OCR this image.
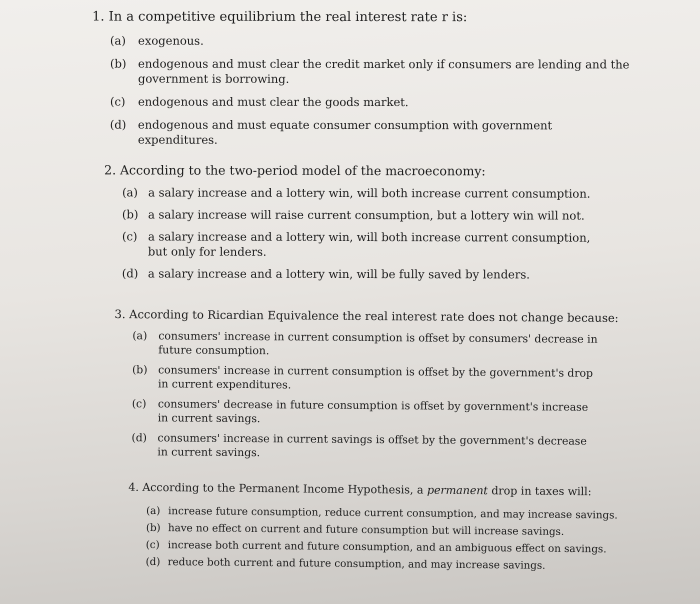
1. In a competitive equilibrium the real interest rate r is:
(a)	exogenous.
(b)	endogenous and must clear the credit market only if consumers are lending and the government is borrowing.
(c)	endogenous and must clear the goods market.
(d)	endogenous and must equate consumer consumption with government expenditures.
2. According to the two-period model of the macroeconomy:
(a) a salary increase and a lottery win, will both increase current consumption.
(b) a salary increase will raise current consumption, but a lottery win will not.
(c) a salary increase and a lottery win, will both increase current consumption, but only for lenders.
(d) a salary increase and a lottery win, will be fully saved by lenders.
3. According to Ricardian Equivalence the real interest rate does not change because:
(a)	consumers' increase in current consumption is offset by consumers' decrease in future consumption.
(b) consumers' increase in current consumption is offset by the government's drop in current expenditures.
(c)	consumers' decrease in future consumption is offset by government's increase in current savings.
(d) consumers' increase in current savings is offset by the government's decrease in current savings.
4. According to the Permanent Income Hypothesis, a permanent drop in taxes will:
(a) increase future consumption, reduce current consumption, and may increase savings.
(b) have no effect on current and future consumption but will increase savings.
(c) increase both current and future consumption, and an ambiguous effect on savings.
(d) reduce both current and future consumption, and may increase savings.
